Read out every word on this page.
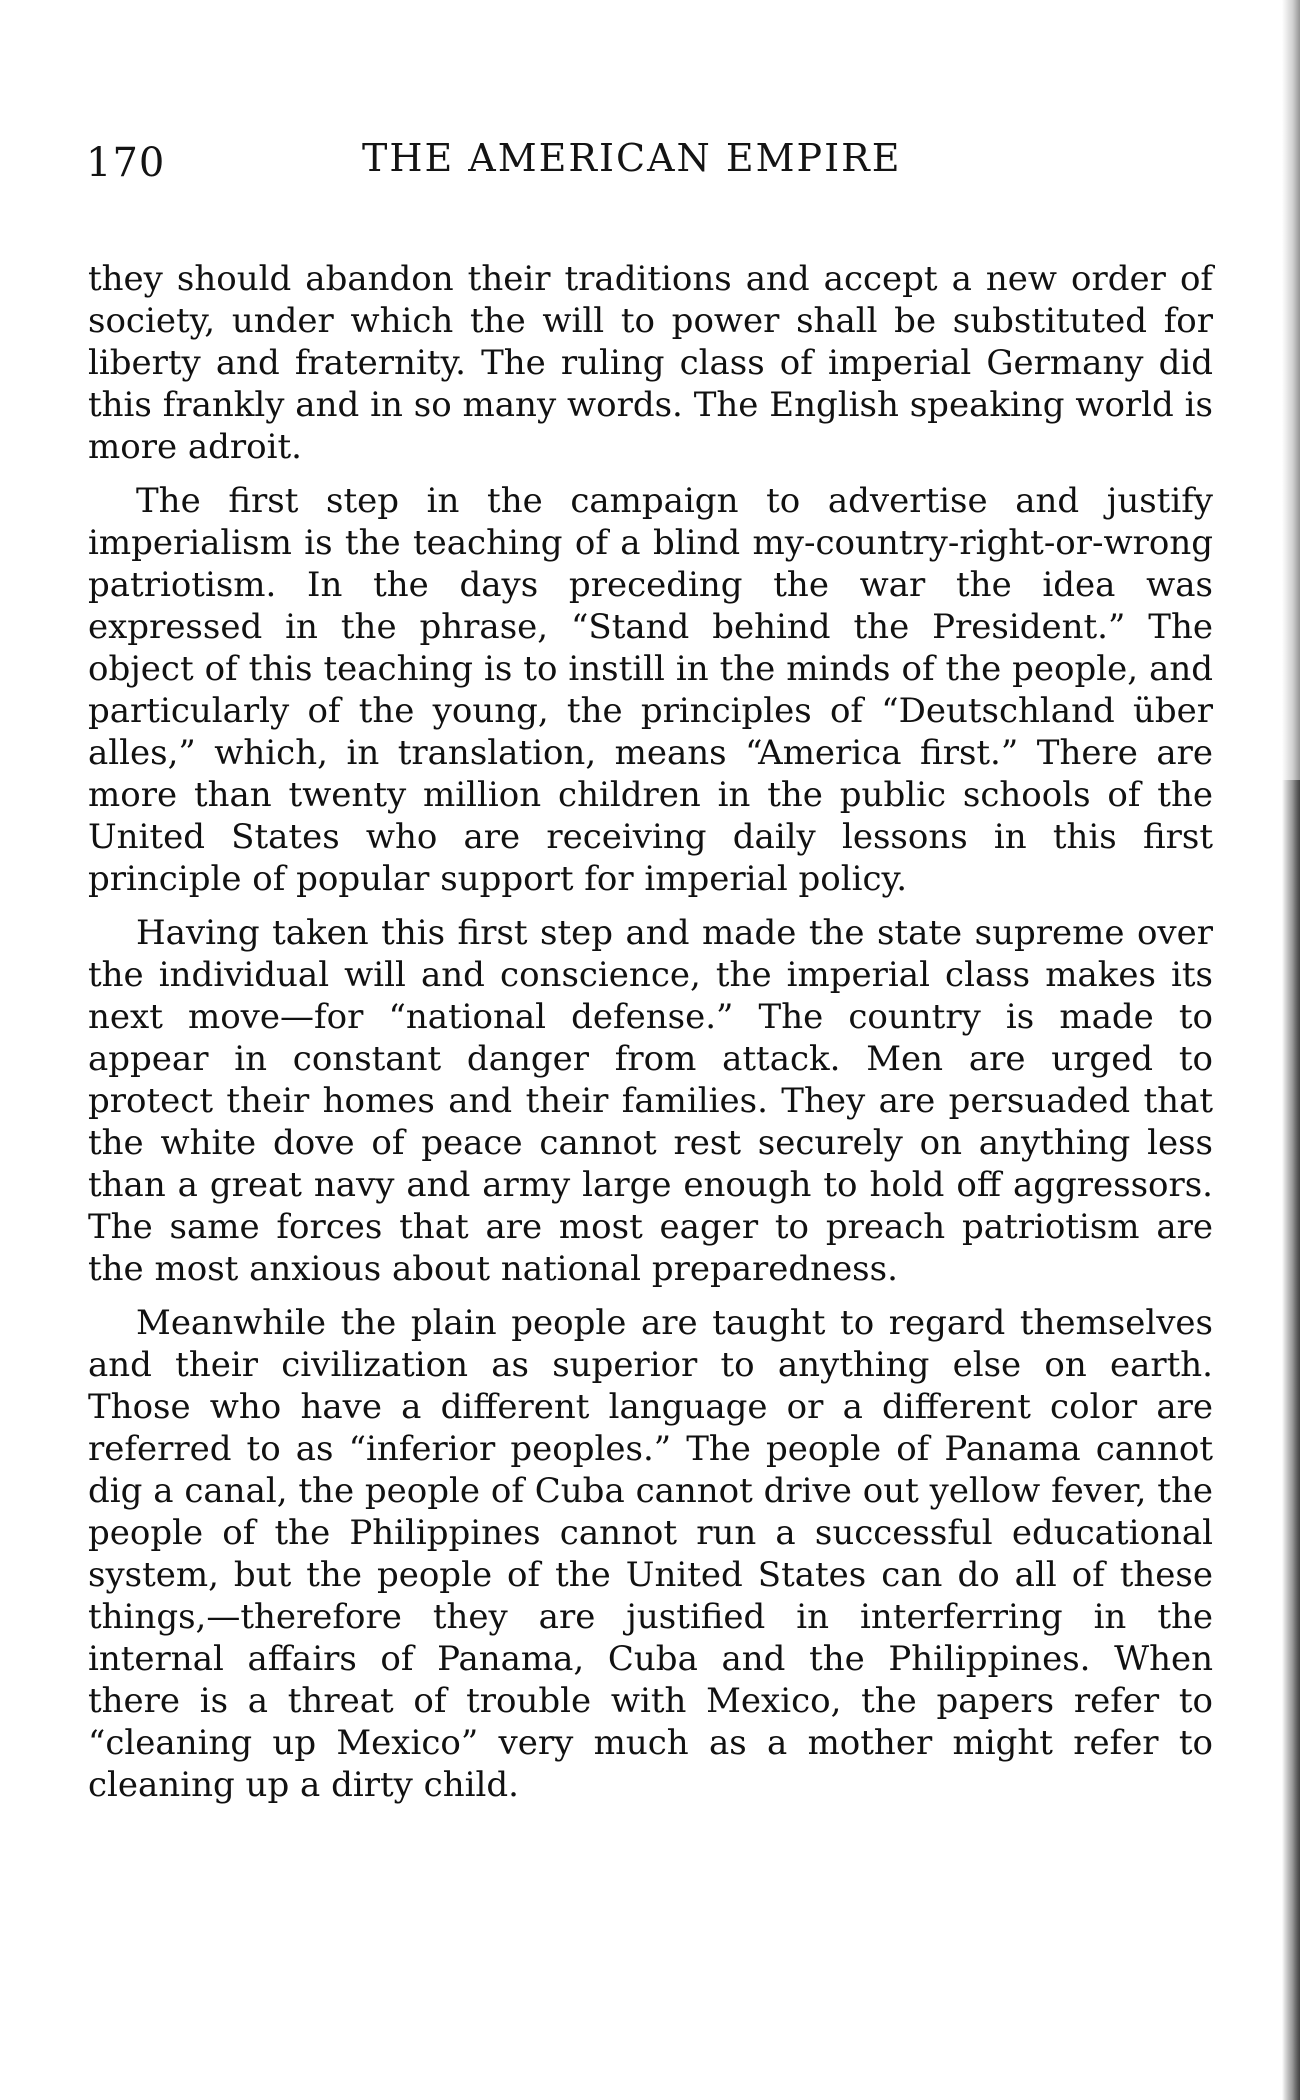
170	THE AMERICAN EMPIRE

they should abandon their traditions and accept a new order of society, under which the will to power shall be substituted for liberty and fraternity. The ruling class of imperial Germany did this frankly and in so many words. The English speaking world is more adroit.

The first step in the campaign to advertise and justify imperialism is the teaching of a blind my-country-right-or-wrong patriotism. In the days preceding the war the idea was expressed in the phrase, “Stand behind the President.” The object of this teaching is to instill in the minds of the people, and particularly of the young, the principles of “Deutschland über alles,” which, in translation, means “America first.” There are more than twenty million children in the public schools of the United States who are receiving daily lessons in this first principle of popular support for imperial policy.

Having taken this first step and made the state supreme over the individual will and conscience, the imperial class makes its next move—for “national defense.” The country is made to appear in constant danger from attack. Men are urged to protect their homes and their families. They are persuaded that the white dove of peace cannot rest securely on anything less than a great navy and army large enough to hold off aggressors. The same forces that are most eager to preach patriotism are the most anxious about national preparedness.

Meanwhile the plain people are taught to regard themselves and their civilization as superior to anything else on earth. Those who have a different language or a different color are referred to as “inferior peoples.” The people of Panama cannot dig a canal, the people of Cuba cannot drive out yellow fever, the people of the Philippines cannot run a successful educational system, but the people of the United States can do all of these things,—therefore they are justified in interferring in the internal affairs of Panama, Cuba and the Philippines. When there is a threat of trouble with Mexico, the papers refer to “cleaning up Mexico” very much as a mother might refer to cleaning up a dirty child.
